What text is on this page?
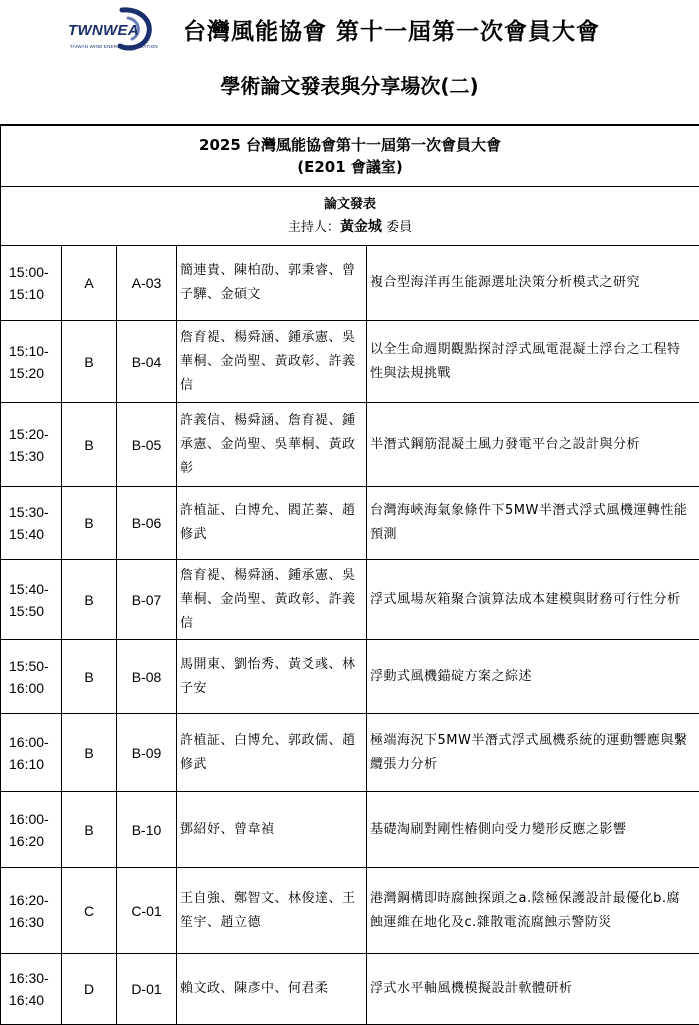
TWNWEA
TAIWAN WIND ENERGY ASSOCIATION
台灣風能協會 第十一屆第一次會員大會
學術論文發表與分享場次(二)
2025 台灣風能協會第十一屆第一次會員大會
(E201 會議室)				

論文發表
主持人：黃金城 委員				

15:00-
15:10	A	A-03	簡連貴、陳柏劭、郭秉睿、曾子驊、金碩文	複合型海洋再生能源選址決策分析模式之研究

15:10-
15:20	B	B-04	詹育褆、楊舜涵、鍾承憲、吳華桐、金尚聖、黃政彰、許義信	以全生命週期觀點探討浮式風電混凝土浮台之工程特性與法規挑戰

15:20-
15:30	B	B-05	許義信、楊舜涵、詹育褆、鍾承憲、金尚聖、吳華桐、黃政彰	半潛式鋼筋混凝土風力發電平台之設計與分析

15:30-
15:40	B	B-06	許植証、白博允、閻芷蓁、趙修武	台灣海峽海氣象條件下5MW半潛式浮式風機運轉性能預測

15:40-
15:50	B	B-07	詹育褆、楊舜涵、鍾承憲、吳華桐、金尚聖、黃政彰、許義信	浮式風場灰箱聚合演算法成本建模與財務可行性分析

15:50-
16:00	B	B-08	馬開東、劉怡秀、黃爻彧、林子安	浮動式風機錨碇方案之綜述

16:00-
16:10	B	B-09	許植証、白博允、郭政儒、趙修武	極端海況下5MW半潛式浮式風機系統的運動響應與繫纜張力分析

16:00-
16:20	B	B-10	鄧紹妤、曾韋禎	基礎淘刷對剛性樁側向受力變形反應之影響

16:20-
16:30	C	C-01	王自強、鄭智文、林俊達、王笙宇、趙立德	港灣鋼構即時腐蝕探頭之a.陰極保護設計最優化b.腐蝕運維在地化及c.雜散電流腐蝕示警防災

16:30-
16:40	D	D-01	賴文政、陳彥中、何君柔	浮式水平軸風機模擬設計軟體研析
